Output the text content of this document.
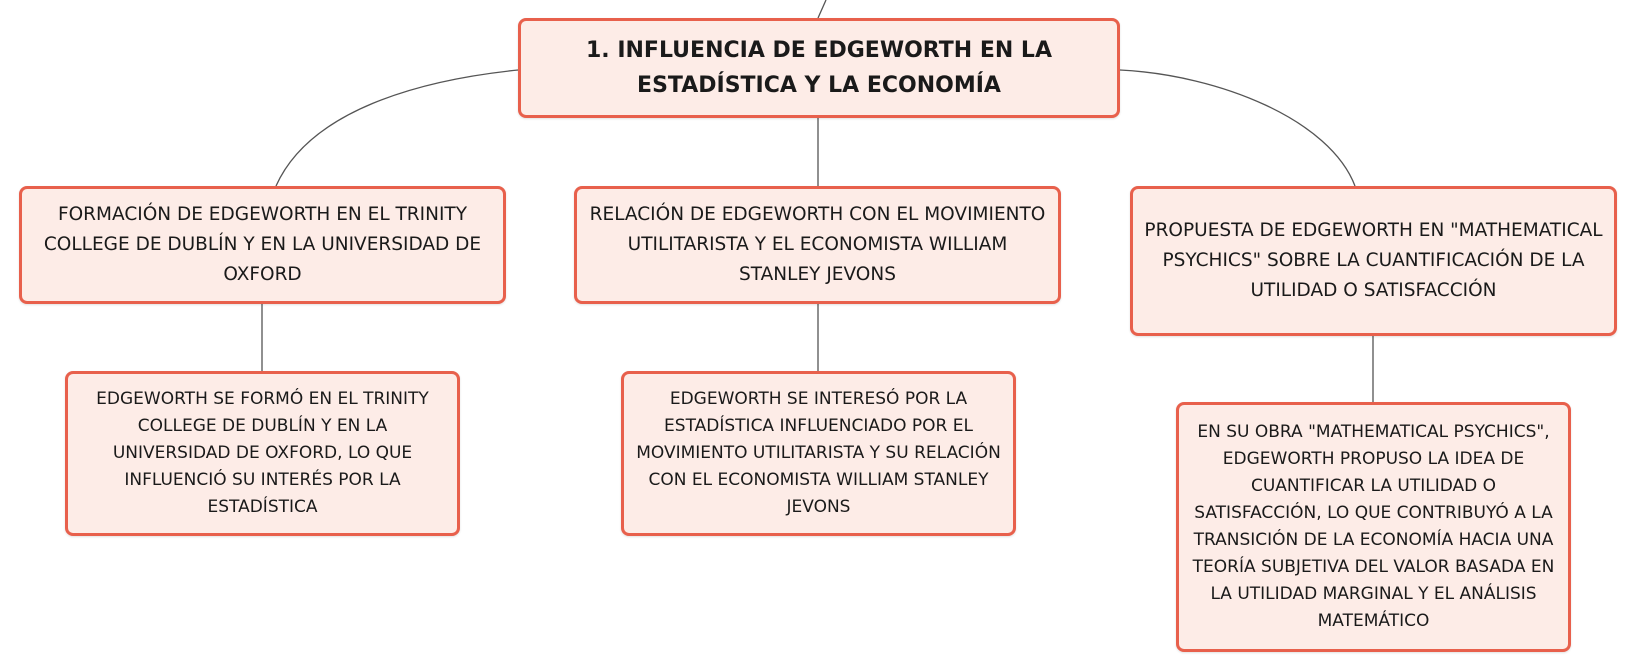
1. INFLUENCIA DE EDGEWORTH EN LA ESTADÍSTICA Y LA ECONOMÍA
FORMACIÓN DE EDGEWORTH EN EL TRINITY COLLEGE DE DUBLÍN Y EN LA UNIVERSIDAD DE OXFORD
RELACIÓN DE EDGEWORTH CON EL MOVIMIENTO UTILITARISTA Y EL ECONOMISTA WILLIAM STANLEY JEVONS
PROPUESTA DE EDGEWORTH EN "MATHEMATICAL PSYCHICS" SOBRE LA CUANTIFICACIÓN DE LA UTILIDAD O SATISFACCIÓN
EDGEWORTH SE FORMÓ EN EL TRINITY COLLEGE DE DUBLÍN Y EN LA UNIVERSIDAD DE OXFORD, LO QUE INFLUENCIÓ SU INTERÉS POR LA ESTADÍSTICA
EDGEWORTH SE INTERESÓ POR LA ESTADÍSTICA INFLUENCIADO POR EL MOVIMIENTO UTILITARISTA Y SU RELACIÓN CON EL ECONOMISTA WILLIAM STANLEY JEVONS
EN SU OBRA "MATHEMATICAL PSYCHICS", EDGEWORTH PROPUSO LA IDEA DE CUANTIFICAR LA UTILIDAD O SATISFACCIÓN, LO QUE CONTRIBUYÓ A LA TRANSICIÓN DE LA ECONOMÍA HACIA UNA TEORÍA SUBJETIVA DEL VALOR BASADA EN LA UTILIDAD MARGINAL Y EL ANÁLISIS MATEMÁTICO
